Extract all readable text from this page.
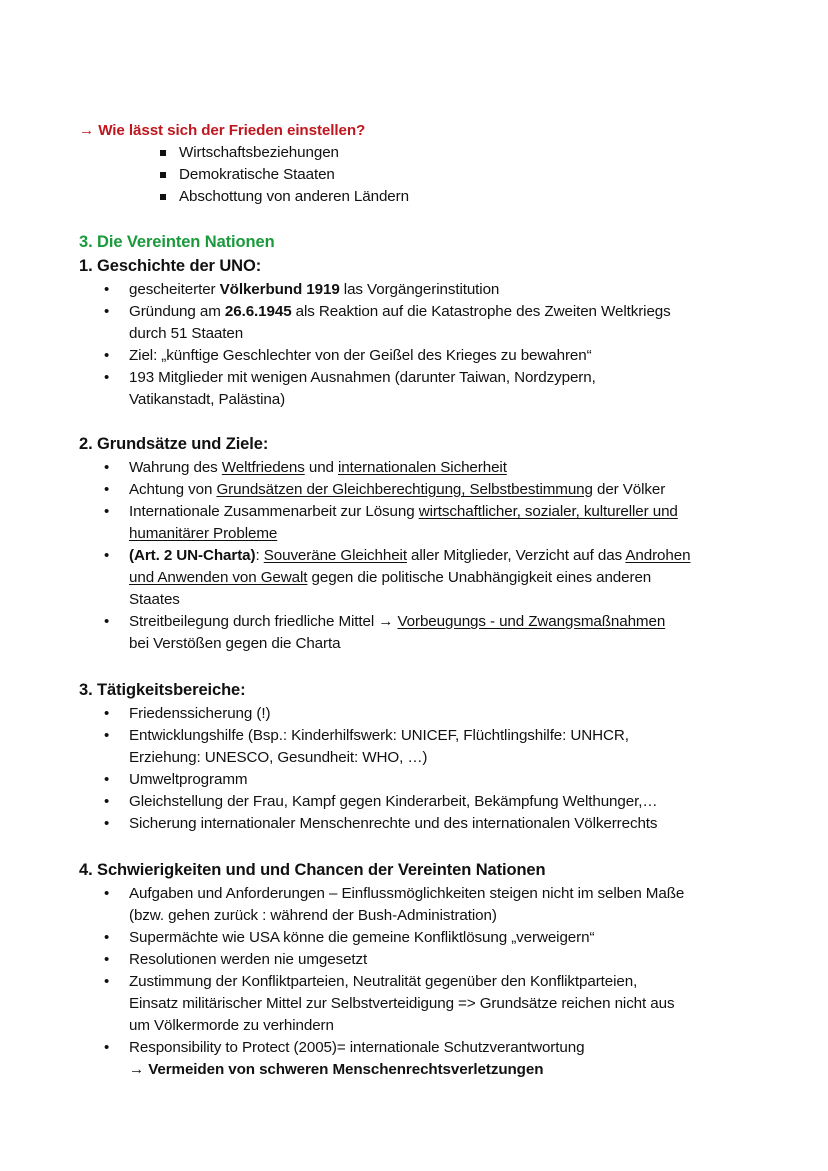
→ Wie lässt sich der Frieden einstellen?
Wirtschaftsbeziehungen
Demokratische Staaten
Abschottung von anderen Ländern
3. Die Vereinten Nationen
1. Geschichte der UNO:
• gescheiterter Völkerbund 1919 las Vorgängerinstitution
• Gründung am 26.6.1945 als Reaktion auf die Katastrophe des Zweiten Weltkriegs
durch 51 Staaten
• Ziel: „künftige Geschlechter von der Geißel des Krieges zu bewahren“
• 193 Mitglieder mit wenigen Ausnahmen (darunter Taiwan, Nordzypern,
Vatikanstadt, Palästina)
2. Grundsätze und Ziele:
• Wahrung des Weltfriedens und internationalen Sicherheit
• Achtung von Grundsätzen der Gleichberechtigung, Selbstbestimmung der Völker
• Internationale Zusammenarbeit zur Lösung wirtschaftlicher, sozialer, kultureller und
humanitärer Probleme
• (Art. 2 UN-Charta): Souveräne Gleichheit aller Mitglieder, Verzicht auf das Androhen
und Anwenden von Gewalt gegen die politische Unabhängigkeit eines anderen
Staates
• Streitbeilegung durch friedliche Mittel → Vorbeugungs - und Zwangsmaßnahmen
bei Verstößen gegen die Charta
3. Tätigkeitsbereiche:
• Friedenssicherung (!)
• Entwicklungshilfe (Bsp.: Kinderhilfswerk: UNICEF, Flüchtlingshilfe: UNHCR,
Erziehung: UNESCO, Gesundheit: WHO, …)
• Umweltprogramm
• Gleichstellung der Frau, Kampf gegen Kinderarbeit, Bekämpfung Welthunger,…
• Sicherung internationaler Menschenrechte und des internationalen Völkerrechts
4. Schwierigkeiten und und Chancen der Vereinten Nationen
• Aufgaben und Anforderungen – Einflussmöglichkeiten steigen nicht im selben Maße
(bzw. gehen zurück : während der Bush-Administration)
• Supermächte wie USA könne die gemeine Konfliktlösung „verweigern“
• Resolutionen werden nie umgesetzt
• Zustimmung der Konfliktparteien, Neutralität gegenüber den Konfliktparteien,
Einsatz militärischer Mittel zur Selbstverteidigung => Grundsätze reichen nicht aus
um Völkermorde zu verhindern
• Responsibility to Protect (2005)= internationale Schutzverantwortung
→ Vermeiden von schweren Menschenrechtsverletzungen
